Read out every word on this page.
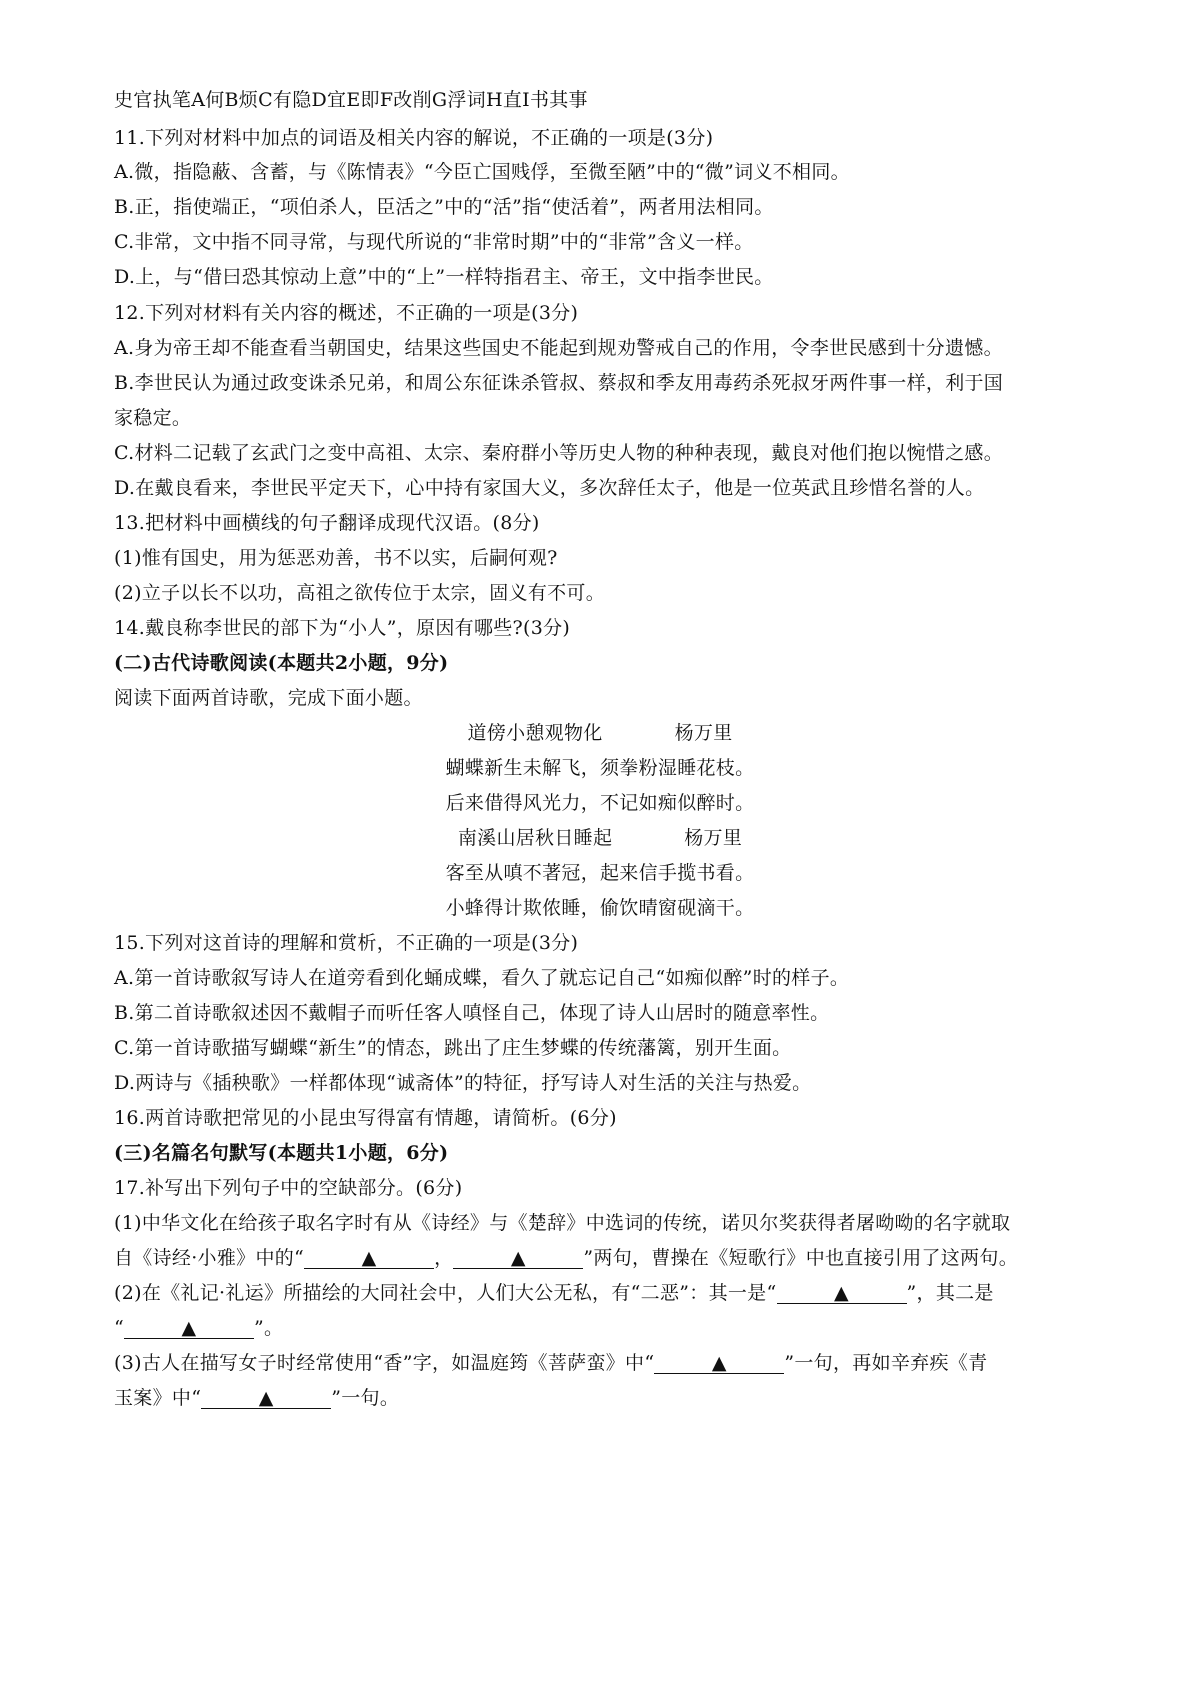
史官执笔A何B烦C有隐D宜E即F改削G浮词H直I书其事
11.下列对材料中加点的词语及相关内容的解说，不正确的一项是(3分)
A.微，指隐蔽、含蓄，与《陈情表》“今臣亡国贱俘，至微至陋”中的“微”词义不相同。
B.正，指使端正，“项伯杀人，臣活之”中的“活”指“使活着”，两者用法相同。
C.非常，文中指不同寻常，与现代所说的“非常时期”中的“非常”含义一样。
D.上，与“借曰恐其惊动上意”中的“上”一样特指君主、帝王，文中指李世民。
12.下列对材料有关内容的概述，不正确的一项是(3分)
A.身为帝王却不能查看当朝国史，结果这些国史不能起到规劝警戒自己的作用，令李世民感到十分遗憾。
B.李世民认为通过政变诛杀兄弟，和周公东征诛杀管叔、蔡叔和季友用毒药杀死叔牙两件事一样，利于国
家稳定。
C.材料二记载了玄武门之变中高祖、太宗、秦府群小等历史人物的种种表现，戴良对他们抱以惋惜之感。
D.在戴良看来，李世民平定天下，心中持有家国大义，多次辞任太子，他是一位英武且珍惜名誉的人。
13.把材料中画横线的句子翻译成现代汉语。(8分)
(1)惟有国史，用为惩恶劝善，书不以实，后嗣何观?
(2)立子以长不以功，高祖之欲传位于太宗，固义有不可。
14.戴良称李世民的部下为“小人”，原因有哪些?(3分)
(二)古代诗歌阅读(本题共2小题，9分)
阅读下面两首诗歌，完成下面小题。
道傍小憩观物化	杨万里
蝴蝶新生未解飞，须拳粉湿睡花枝。
后来借得风光力，不记如痴似醉时。
南溪山居秋日睡起	杨万里
客至从嗔不著冠，起来信手揽书看。
小蜂得计欺侬睡，偷饮晴窗砚滴干。
15.下列对这首诗的理解和赏析，不正确的一项是(3分)
A.第一首诗歌叙写诗人在道旁看到化蛹成蝶，看久了就忘记自己“如痴似醉”时的样子。
B.第二首诗歌叙述因不戴帽子而听任客人嗔怪自己，体现了诗人山居时的随意率性。
C.第一首诗歌描写蝴蝶“新生”的情态，跳出了庄生梦蝶的传统藩篱，别开生面。
D.两诗与《插秧歌》一样都体现“诚斋体”的特征，抒写诗人对生活的关注与热爱。
16.两首诗歌把常见的小昆虫写得富有情趣，请简析。(6分)
(三)名篇名句默写(本题共1小题，6分)
17.补写出下列句子中的空缺部分。(6分)
(1)中华文化在给孩子取名字时有从《诗经》与《楚辞》中选词的传统，诺贝尔奖获得者屠呦呦的名字就取
自《诗经·小雅》中的“	▲	，	▲	”两句，曹操在《短歌行》中也直接引用了这两句。
(2)在《礼记·礼运》所描绘的大同社会中，人们大公无私，有“二恶”：其一是“	▲	”，其二是
“	▲	”。
(3)古人在描写女子时经常使用“香”字，如温庭筠《菩萨蛮》中“	▲	”一句，再如辛弃疾《青
玉案》中“	▲	”一句。
